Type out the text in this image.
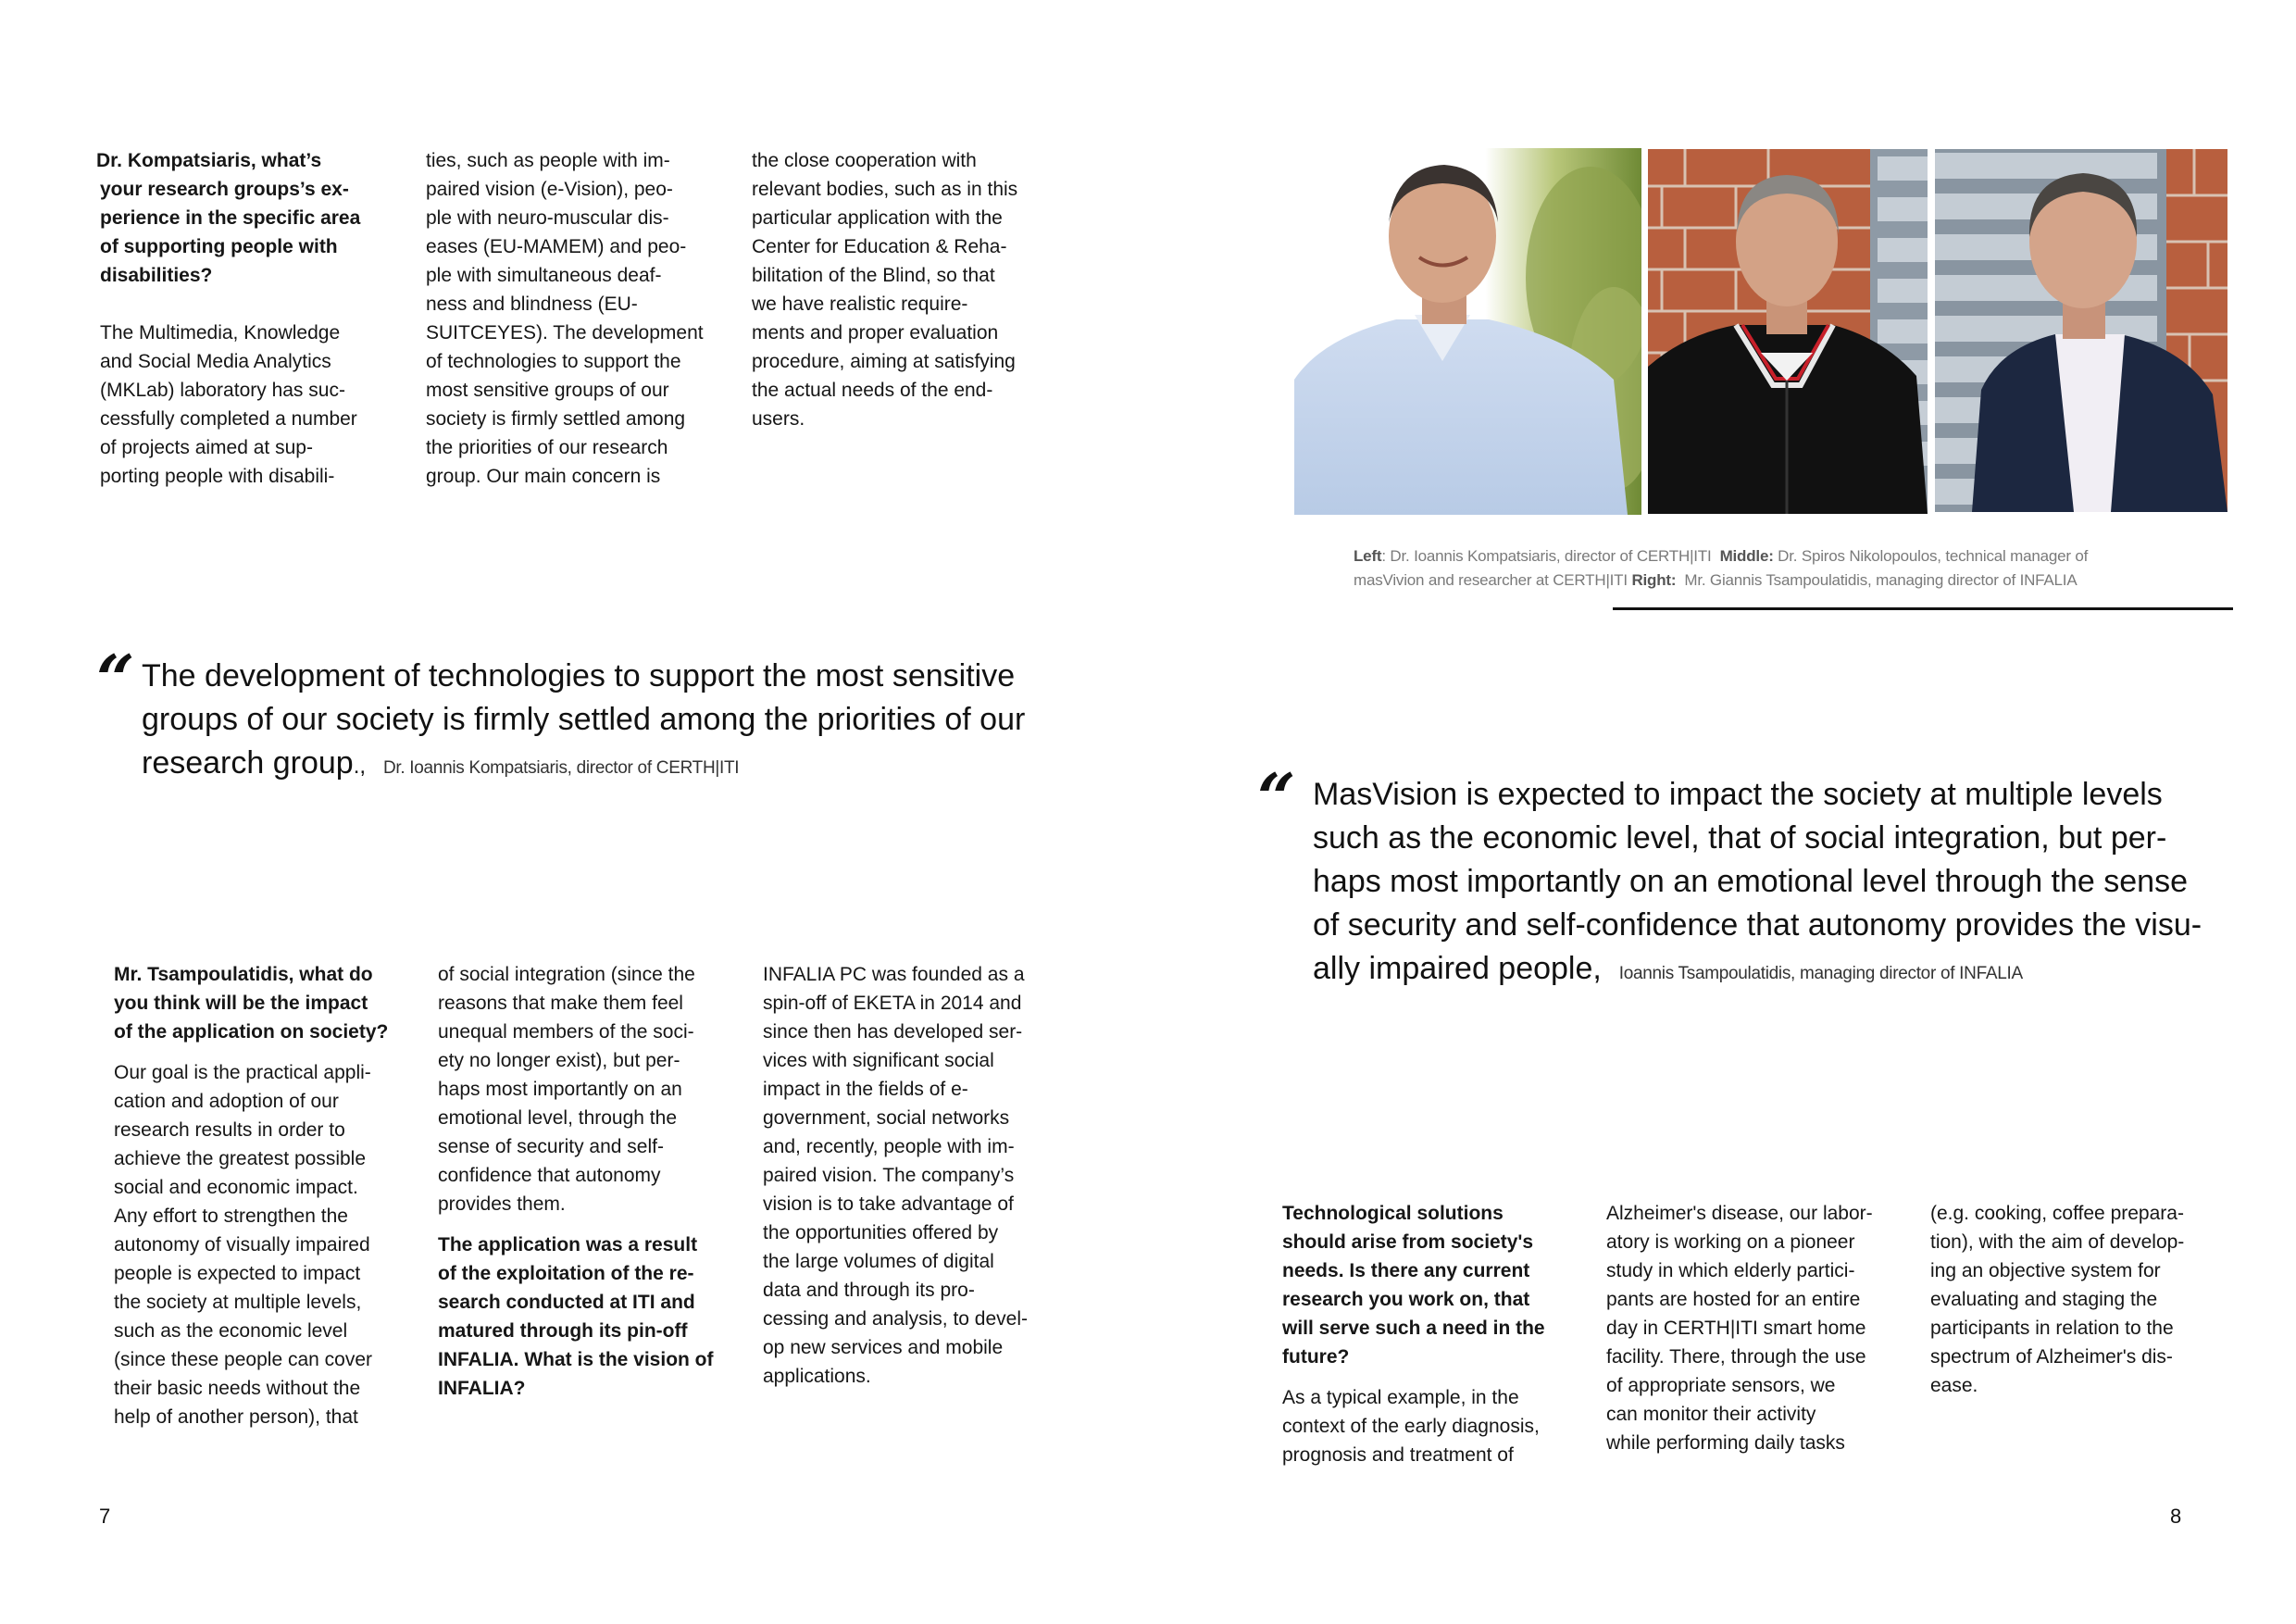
Dr. Kompatsiaris, what’s
your research groups’s ex-
perience in the specific area
of supporting people with
disabilities?
The Multimedia, Knowledge
and Social Media Analytics
(MKLab) laboratory has suc-
cessfully completed a number
of projects aimed at sup-
porting people with disabili-
ties, such as people with im-
paired vision (e-Vision), peo-
ple with neuro-muscular dis-
eases (EU-MAMEM) and peo-
ple with simultaneous deaf-
ness and blindness (EU-
SUITCEYES). The development
of technologies to support the
most sensitive groups of our
society is firmly settled among
the priorities of our research
group. Our main concern is
the close cooperation with
relevant bodies, such as in this
particular application with the
Center for Education & Reha-
bilitation of the Blind, so that
we have realistic require-
ments and proper evaluation
procedure, aiming at satisfying
the actual needs of the end-
users.
“ The development of technologies to support the most sensitive
groups of our society is firmly settled among the priorities of our
research group., Dr. Ioannis Kompatsiaris, director of CERTH|ITI
Mr. Tsampoulatidis, what do
you think will be the impact
of the application on society?
Our goal is the practical appli-
cation and adoption of our
research results in order to
achieve the greatest possible
social and economic impact.
Any effort to strengthen the
autonomy of visually impaired
people is expected to impact
the society at multiple levels,
such as the economic level
(since these people can cover
their basic needs without the
help of another person), that
of social integration (since the
reasons that make them feel
unequal members of the soci-
ety no longer exist), but per-
haps most importantly on an
emotional level, through the
sense of security and self-
confidence that autonomy
provides them.
The application was a result
of the exploitation of the re-
search conducted at ITI and
matured through its pin-off
INFALIA. What is the vision of
INFALIA?
INFALIA PC was founded as a
spin-off of EKETA in 2014 and
since then has developed ser-
vices with significant social
impact in the fields of e-
government, social networks
and, recently, people with im-
paired vision. The company’s
vision is to take advantage of
the opportunities offered by
the large volumes of digital
data and through its pro-
cessing and analysis, to devel-
op new services and mobile
applications.
7
Left: Dr. Ioannis Kompatsiaris, director of CERTH|ITI Middle: Dr. Spiros Nikolopoulos, technical manager of
masVivion and researcher at CERTH|ITI Right:  Mr. Giannis Tsampoulatidis, managing director of INFALIA
“ MasVision is expected to impact the society at multiple levels
such as the economic level, that of social integration, but per-
haps most importantly on an emotional level through the sense
of security and self-confidence that autonomy provides the visu-
ally impaired people, Ioannis Tsampoulatidis, managing director of INFALIA
Technological solutions
should arise from society's
needs. Is there any current
research you work on, that
will serve such a need in the
future?
As a typical example, in the
context of the early diagnosis,
prognosis and treatment of
Alzheimer's disease, our labor-
atory is working on a pioneer
study in which elderly partici-
pants are hosted for an entire
day in CERTH|ITI smart home
facility. There, through the use
of appropriate sensors, we
can monitor their activity
while performing daily tasks
(e.g. cooking, coffee prepara-
tion), with the aim of develop-
ing an objective system for
evaluating and staging the
participants in relation to the
spectrum of Alzheimer's dis-
ease.
8
